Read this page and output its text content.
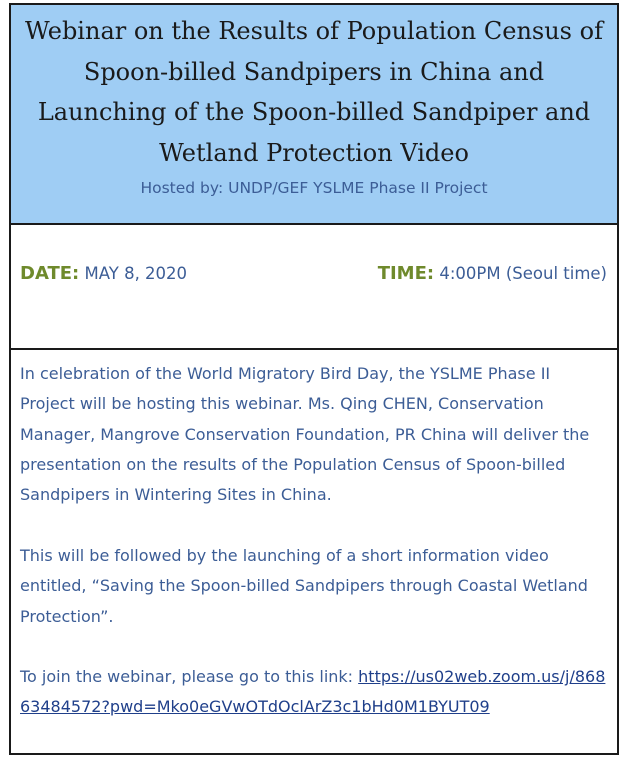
Webinar on the Results of Population Census of Spoon-billed Sandpipers in China and Launching of the Spoon-billed Sandpiper and Wetland Protection Video
Hosted by: UNDP/GEF YSLME Phase II Project
DATE: MAY 8, 2020	TIME: 4:00PM (Seoul time)

In celebration of the World Migratory Bird Day, the YSLME Phase II Project will be hosting this webinar. Ms. Qing CHEN, Conservation Manager, Mangrove Conservation Foundation, PR China will deliver the presentation on the results of the Population Census of Spoon-billed Sandpipers in Wintering Sites in China.

This will be followed by the launching of a short information video entitled, “Saving the Spoon-billed Sandpipers through Coastal Wetland Protection”.

To join the webinar, please go to this link: https://us02web.zoom.us/j/86863484572?pwd=Mko0eGVwOTdOclArZ3c1bHd0M1BYUT09
